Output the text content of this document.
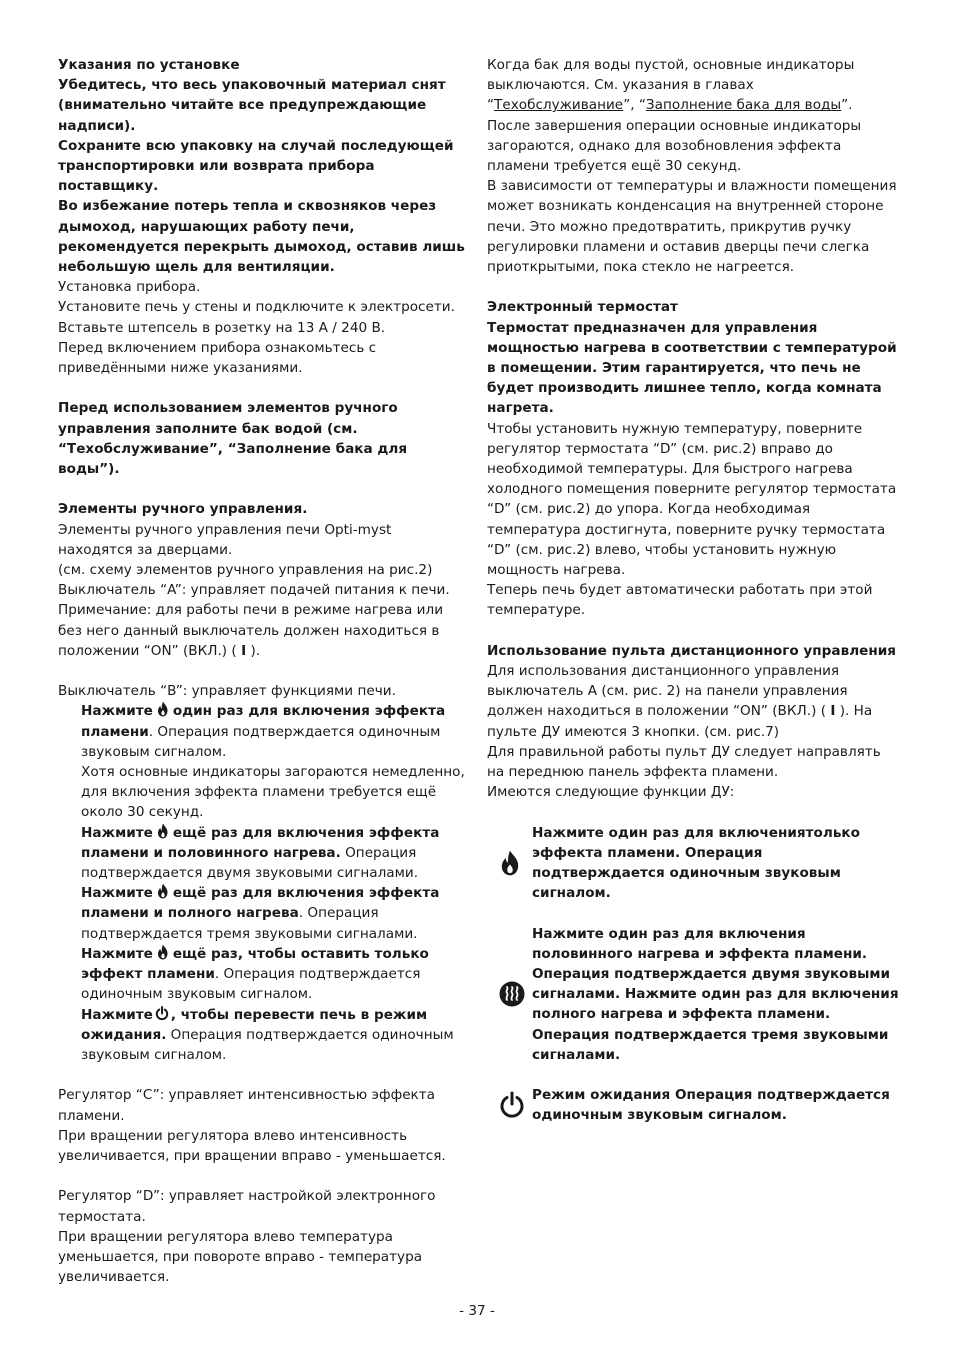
Указания по установке

Убедитесь, что весь упаковочный материал снят (внимательно читайте все предупреждающие надписи).

Сохраните всю упаковку на случай последующей транспортировки или возврата прибора поставщику.

Во избежание потерь тепла и сквозняков через дымоход, нарушающих работу печи, рекомендуется перекрыть дымоход, оставив лишь небольшую щель для вентиляции.

Установка прибора.

Установите печь у стены и подключите к электросети.

Вставьте штепсель в розетку на 13 А / 240 В.

Перед включением прибора ознакомьтесь с приведёнными ниже указаниями.

Перед использованием элементов ручного управления заполните бак водой (см. “Техобслуживание”, “Заполнение бака для воды”).

Элементы ручного управления.

Элементы ручного управления печи Opti-myst находятся за дверцами.

(см. схему элементов ручного управления на рис.2)

Выключатель “A”: управляет подачей питания к печи.

Примечание: для работы печи в режиме нагрева или без него данный выключатель должен находиться в положении “ON” (ВКЛ.) ( I ).

Выключатель “B”: управляет функциями печи.

Нажмите один раз для включения эффекта пламени. Операция подтверждается одиночным звуковым сигналом.

Хотя основные индикаторы загораются немедленно, для включения эффекта пламени требуется ещё около 30 секунд.

Нажмите ещё раз для включения эффекта пламени и половинного нагрева. Операция подтверждается двумя звуковыми сигналами.

Нажмите ещё раз для включения эффекта пламени и полного нагрева. Операция подтверждается тремя звуковыми сигналами.

Нажмите ещё раз, чтобы оставить только эффект пламени. Операция подтверждается одиночным звуковым сигналом.

Нажмите , чтобы перевести печь в режим ожидания. Операция подтверждается одиночным звуковым сигналом.

Регулятор “C”: управляет интенсивностью эффекта пламени.

При вращении регулятора влево интенсивность увеличивается, при вращении вправо - уменьшается.

Регулятор “D”: управляет настройкой электронного термостата.

При вращении регулятора влево температура уменьшается, при повороте вправо - температура увеличивается.

Когда бак для воды пустой, основные индикаторы выключаются. См. указания в главах “Техобслуживание”, “Заполнение бака для воды”. После завершения операции основные индикаторы загораются, однако для возобновления эффекта пламени требуется ещё 30 секунд.

В зависимости от температуры и влажности помещения может возникать конденсация на внутренней стороне печи. Это можно предотвратить, прикрутив ручку регулировки пламени и оставив дверцы печи слегка приоткрытыми, пока стекло не нагреется.

Электронный термостат

Термостат предназначен для управления мощностью нагрева в соответствии с температурой в помещении. Этим гарантируется, что печь не будет производить лишнее тепло, когда комната нагрета.

Чтобы установить нужную температуру, поверните регулятор термостата “D” (см. рис.2) вправо до необходимой температуры. Для быстрого нагрева холодного помещения поверните регулятор термостата “D” (см. рис.2) до упора. Когда необходимая температура достигнута, поверните ручку термостата “D” (см. рис.2) влево, чтобы установить нужную мощность нагрева.

Теперь печь будет автоматически работать при этой температуре.

Использование пульта дистанционного управления

Для использования дистанционного управления выключатель A (см. рис. 2) на панели управления должен находиться в положении “ON” (ВКЛ.) ( I ). На пульте ДУ имеются 3 кнопки. (см. рис.7)

Для правильной работы пульт ДУ следует направлять на переднюю панель эффекта пламени.

Имеются следующие функции ДУ:

Нажмите один раз для включениятолько эффекта пламени. Операция подтверждается одиночным звуковым сигналом.

Нажмите один раз для включения половинного нагрева и эффекта пламени. Операция подтверждается двумя звуковыми сигналами. Нажмите один раз для включения полного нагрева и эффекта пламени. Операция подтверждается тремя звуковыми сигналами.

Режим ожидания Операция подтверждается одиночным звуковым сигналом.

- 37 -
